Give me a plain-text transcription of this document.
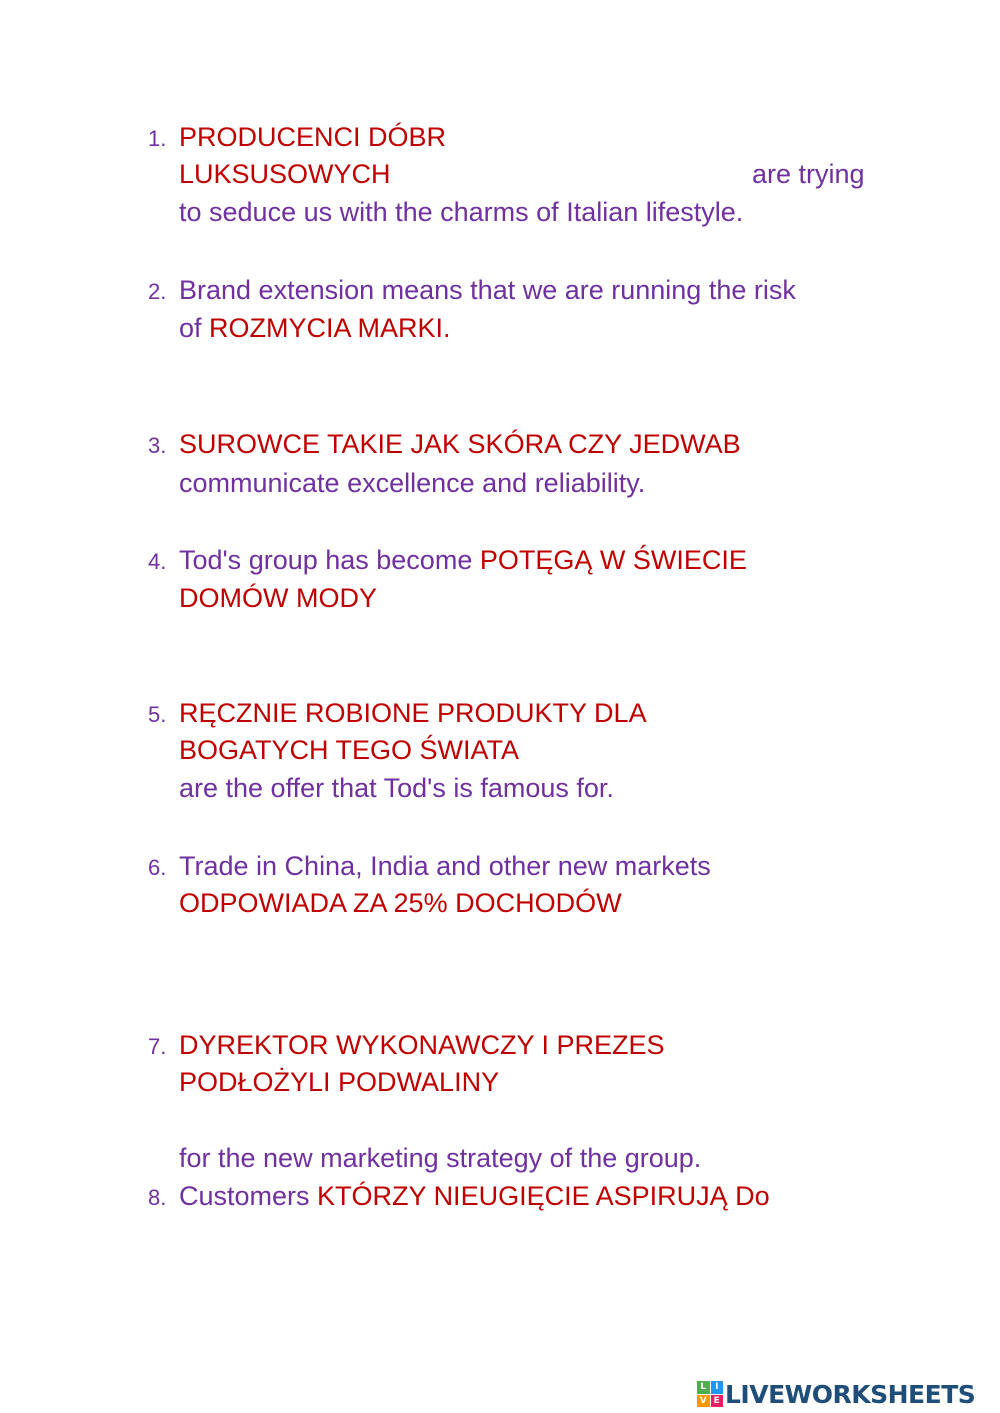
1. PRODUCENCI DÓBR
LUKSUSOWYCH	are trying
to seduce us with the charms of Italian lifestyle.
2. Brand extension means that we are running the risk
of ROZMYCIA MARKI.
3. SUROWCE TAKIE JAK SKÓRA CZY JEDWAB
communicate excellence and reliability.
4. Tod's group has become POTĘGĄ W ŚWIECIE
DOMÓW MODY
5. RĘCZNIE ROBIONE PRODUKTY DLA
BOGATYCH TEGO ŚWIATA
are the offer that Tod's is famous for.
6. Trade in China, India and other new markets
ODPOWIADA ZA 25% DOCHODÓW
7. DYREKTOR WYKONAWCZY I PREZES
PODŁOŻYLI PODWALINY
for the new marketing strategy of the group.
8. Customers KTÓRZY NIEUGIĘCIE ASPIRUJĄ Do
L I
V E LIVEWORKSHEETS
